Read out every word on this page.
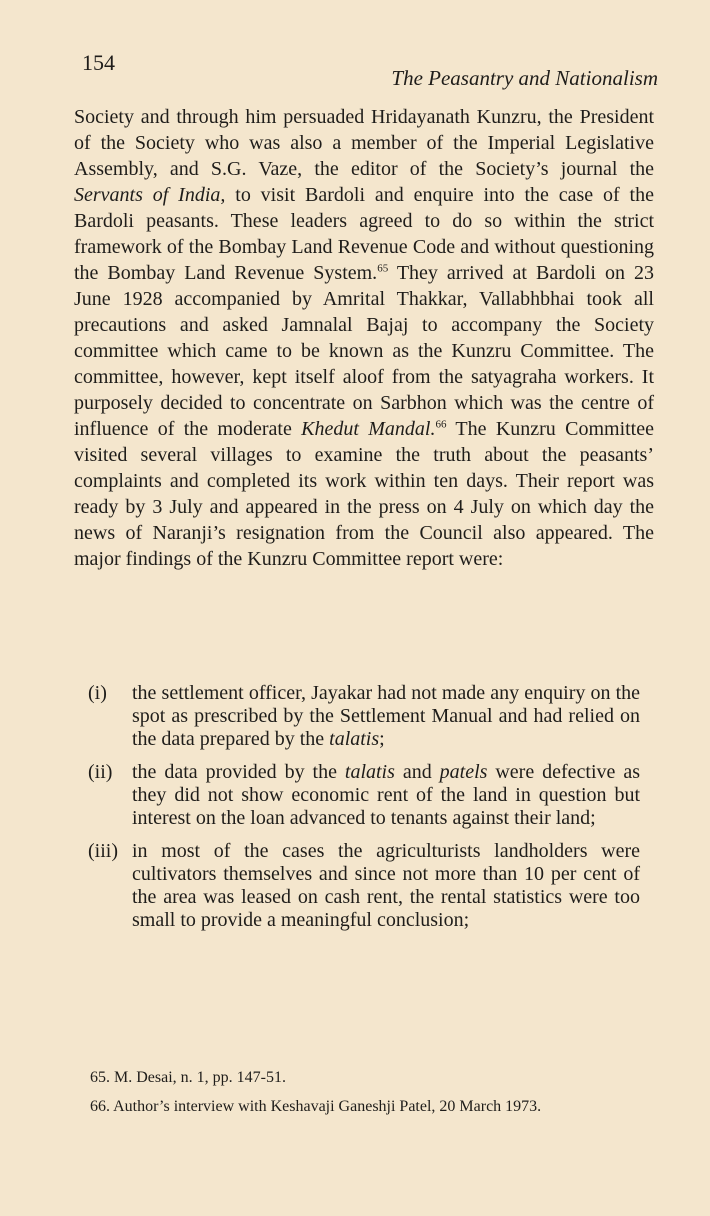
154
The Peasantry and Nationalism
Society and through him persuaded Hridayanath Kunzru, the President of the Society who was also a member of the Imperial Legislative Assembly, and S.G. Vaze, the editor of the Society’s journal the Servants of India, to visit Bardoli and enquire into the case of the Bardoli peasants. These leaders agreed to do so within the strict framework of the Bombay Land Revenue Code and without questioning the Bombay Land Revenue System.$^{65}$ They arrived at Bardoli on 23 June 1928 accompanied by Amrital Thakkar, Vallabhbhai took all precautions and asked Jamnalal Bajaj to accompany the Society committee which came to be known as the Kunzru Committee. The committee, however, kept itself aloof from the satyagraha workers. It purposely decided to concentrate on Sarbhon which was the centre of influence of the moderate Khedut Mandal.$^{66}$ The Kunzru Committee visited several villages to examine the truth about the peasants’ complaints and completed its work within ten days. Their report was ready by 3 July and appeared in the press on 4 July on which day the news of Naranji’s resignation from the Council also appeared. The major findings of the Kunzru Committee report were:
(i)	the settlement officer, Jayakar had not made any enquiry on the spot as prescribed by the Settlement Manual and had relied on the data prepared by the talatis;
(ii) the data provided by the talatis and patels were defective as they did not show economic rent of the land in question but interest on the loan advanced to tenants against their land;
(iii) in most of the cases the agriculturists landholders were cultivators themselves and since not more than 10 per cent of the area was leased on cash rent, the rental statistics were too small to provide a meaningful conclusion;
65. M. Desai, n. 1, pp. 147-51.
66. Author’s interview with Keshavaji Ganeshji Patel, 20 March 1973.
